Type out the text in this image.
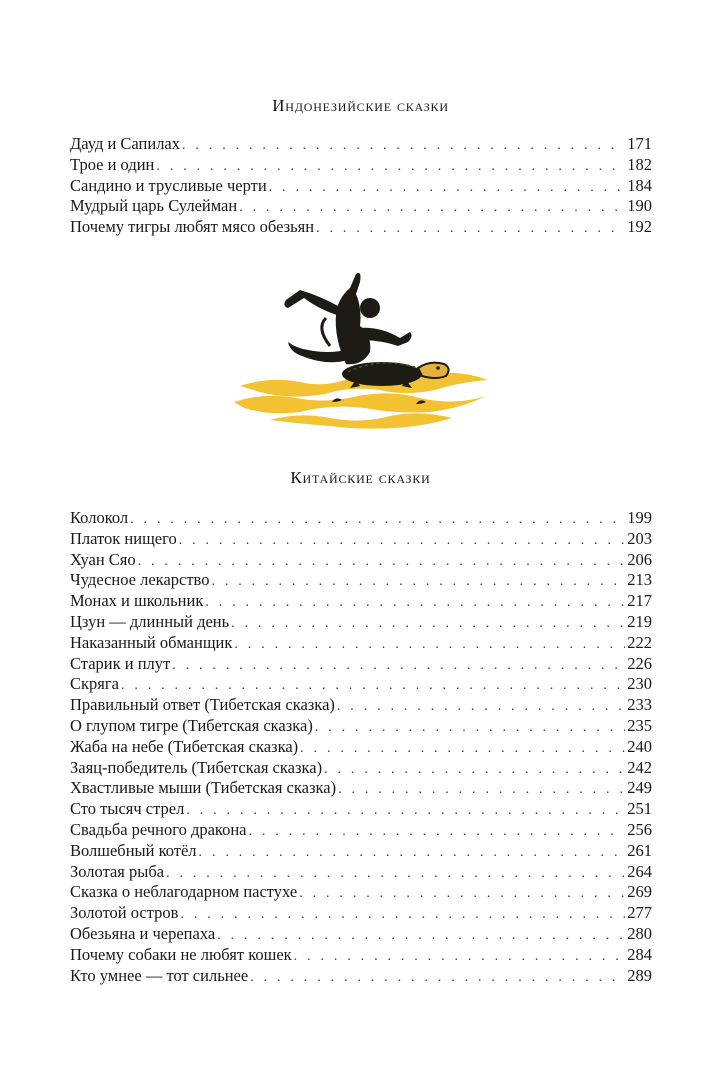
Индонезийские сказки
Дауд и Сапилах . . .	171
Трое и один . . .	182
Сандино и трусливые черти . . .	184
Мудрый царь Сулейман . . .	190
Почему тигры любят мясо обезьян . . .	192
Китайские сказки
Колокол . . .	199
Платок нищего . . .	203
Хуан Сяо . . .	206
Чудесное лекарство . . .	213
Монах и школьник . . .	217
Цзун — длинный день . . .	219
Наказанный обманщик . . .	222
Старик и плут . . .	226
Скряга . . .	230
Правильный ответ (Тибетская сказка) . . .	233
О глупом тигре (Тибетская сказка) . . .	235
Жаба на небе (Тибетская сказка) . . .	240
Заяц-победитель (Тибетская сказка) . . .	242
Хвастливые мыши (Тибетская сказка) . . .	249
Сто тысяч стрел . . .	251
Свадьба речного дракона . . .	256
Волшебный котёл . . .	261
Золотая рыба . . .	264
Сказка о неблагодарном пастухе . . .	269
Золотой остров . . .	277
Обезьяна и черепаха . . .	280
Почему собаки не любят кошек . . .	284
Кто умнее — тот сильнее . . .	289
